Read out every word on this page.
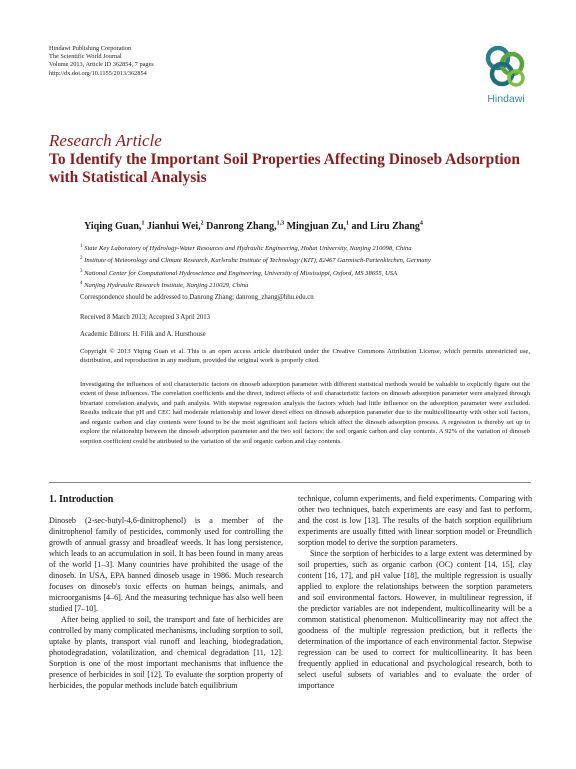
Hindawi Publishing Corporation
The Scientific World Journal
Volume 2013, Article ID 362854, 7 pages
http://dx.doi.org/10.1155/2013/362854
Hindawi
Research Article
To Identify the Important Soil Properties Affecting Dinoseb Adsorption with Statistical Analysis
Yiqing Guan,$^1$ Jianhui Wei,$^2$ Danrong Zhang,$^{1,3}$ Mingjuan Zu,$^1$ and Liru Zhang$^4$
$^1$ State Key Laboratory of Hydrology-Water Resources and Hydraulic Engineering, Hohai University, Nanjing 210098, China
$^2$ Institute of Meteorology and Climate Research, Karlsruhe Institute of Technology (KIT), 82467 Garmisch-Partenkirchen, Germany
$^3$ National Center for Computational Hydroscience and Engineering, University of Mississippi, Oxford, MS 38655, USA
$^4$ Nanjing Hydraulic Research Institute, Nanjing 210029, China
Correspondence should be addressed to Danrong Zhang; danrong_zhang@hhu.edu.cn
Received 8 March 2013; Accepted 3 April 2013
Academic Editors: H. Filik and A. Hursthouse
Copyright © 2013 Yiqing Guan et al. This is an open access article distributed under the Creative Commons Attribution License, which permits unrestricted use, distribution, and reproduction in any medium, provided the original work is properly cited.
Investigating the influences of soil characteristic factors on dinoseb adsorption parameter with different statistical methods would be valuable to explicitly figure out the extent of these influences. The correlation coefficients and the direct, indirect effects of soil characteristic factors on dinoseb adsorption parameter were analyzed through bivariate correlation analysis, and path analysis. With stepwise regression analysis the factors which had little influence on the adsorption parameter were excluded. Results indicate that pH and CEC had moderate relationship and lower direct effect on dinoseb adsorption parameter due to the multicollinearity with other soil factors, and organic carbon and clay contents were found to be the most significant soil factors which affect the dinoseb adsorption process. A regression is thereby set up to explore the relationship between the dinoseb adsorption parameter and the two soil factors: the soil organic carbon and clay contents. A 92% of the variation of dinoseb sorption coefficient could be attributed to the variation of the soil organic carbon and clay contents.
1. Introduction

Dinoseb (2-sec-butyl-4,6-dinitrophenol) is a member of the dinitrophenol family of pesticides, commonly used for controlling the growth of annual grassy and broadleaf weeds. It has long persistence, which leads to an accumulation in soil. It has been found in many areas of the world [1–3]. Many countries have prohibited the usage of the dinoseb. In USA, EPA banned dinoseb usage in 1986. Much research focuses on dinoseb's toxic effects on human beings, animals, and microorganisms [4–6]. And the measuring technique has also well been studied [7–10].

After being applied to soil, the transport and fate of herbicides are controlled by many complicated mechanisms, including sorption to soil, uptake by plants, transport vial runoff and leaching, biodegradation, photodegradation, volatilization, and chemical degradation [11, 12]. Sorption is one of the most important mechanisms that influence the presence of herbicides in soil [12]. To evaluate the sorption property of herbicides, the popular methods include batch equilibrium

technique, column experiments, and field experiments. Comparing with other two techniques, batch experiments are easy and fast to perform, and the cost is low [13]. The results of the batch sorption equilibrium experiments are usually fitted with linear sorption model or Freundlich sorption model to derive the sorption parameters.

Since the sorption of herbicides to a large extent was determined by soil properties, such as organic carbon (OC) content [14, 15], clay content [16, 17], and pH value [18], the multiple regression is usually applied to explore the relationships between the sorption parameters and soil environmental factors. However, in multilinear regression, if the predictor variables are not independent, multicollinearity will be a common statistical phenomenon. Multicollinearity may not affect the goodness of the multiple regression prediction, but it reflects the determination of the importance of each environmental factor. Stepwise regression can be used to correct for multicollinearity. It has been frequently applied in educational and psychological research, both to select useful subsets of variables and to evaluate the order of importance
